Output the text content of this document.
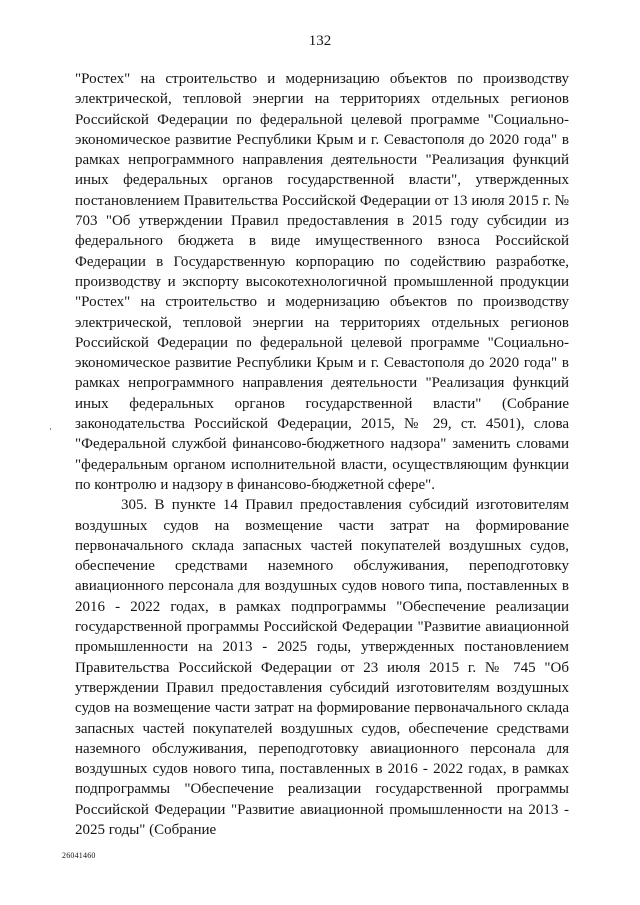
132

"Ростех" на строительство и модернизацию объектов по производству электрической, тепловой энергии на территориях отдельных регионов Российской Федерации по федеральной целевой программе "Социально-экономическое развитие Республики Крым и г. Севастополя до 2020 года" в рамках непрограммного направления деятельности "Реализация функций иных федеральных органов государственной власти", утвержденных постановлением Правительства Российской Федерации от 13 июля 2015 г. № 703 "Об утверждении Правил предоставления в 2015 году субсидии из федерального бюджета в виде имущественного взноса Российской Федерации в Государственную корпорацию по содействию разработке, производству и экспорту высокотехнологичной промышленной продукции "Ростех" на строительство и модернизацию объектов по производству электрической, тепловой энергии на территориях отдельных регионов Российской Федерации по федеральной целевой программе "Социально-экономическое развитие Республики Крым и г. Севастополя до 2020 года" в рамках непрограммного направления деятельности "Реализация функций иных федеральных органов государственной власти" (Собрание законодательства Российской Федерации, 2015, № 29, ст. 4501), слова "Федеральной службой финансово-бюджетного надзора" заменить словами "федеральным органом исполнительной власти, осуществляющим функции по контролю и надзору в финансово-бюджетной сфере".

305. В пункте 14 Правил предоставления субсидий изготовителям воздушных судов на возмещение части затрат на формирование первоначального склада запасных частей покупателей воздушных судов, обеспечение средствами наземного обслуживания, переподготовку авиационного персонала для воздушных судов нового типа, поставленных в 2016 - 2022 годах, в рамках подпрограммы "Обеспечение реализации государственной программы Российской Федерации "Развитие авиационной промышленности на 2013 - 2025 годы, утвержденных постановлением Правительства Российской Федерации от 23 июля 2015 г. № 745 "Об утверждении Правил предоставления субсидий изготовителям воздушных судов на возмещение части затрат на формирование первоначального склада запасных частей покупателей воздушных судов, обеспечение средствами наземного обслуживания, переподготовку авиационного персонала для воздушных судов нового типа, поставленных в 2016 - 2022 годах, в рамках подпрограммы "Обеспечение реализации государственной программы Российской Федерации "Развитие авиационной промышленности на 2013 - 2025 годы" (Собрание

26041460
